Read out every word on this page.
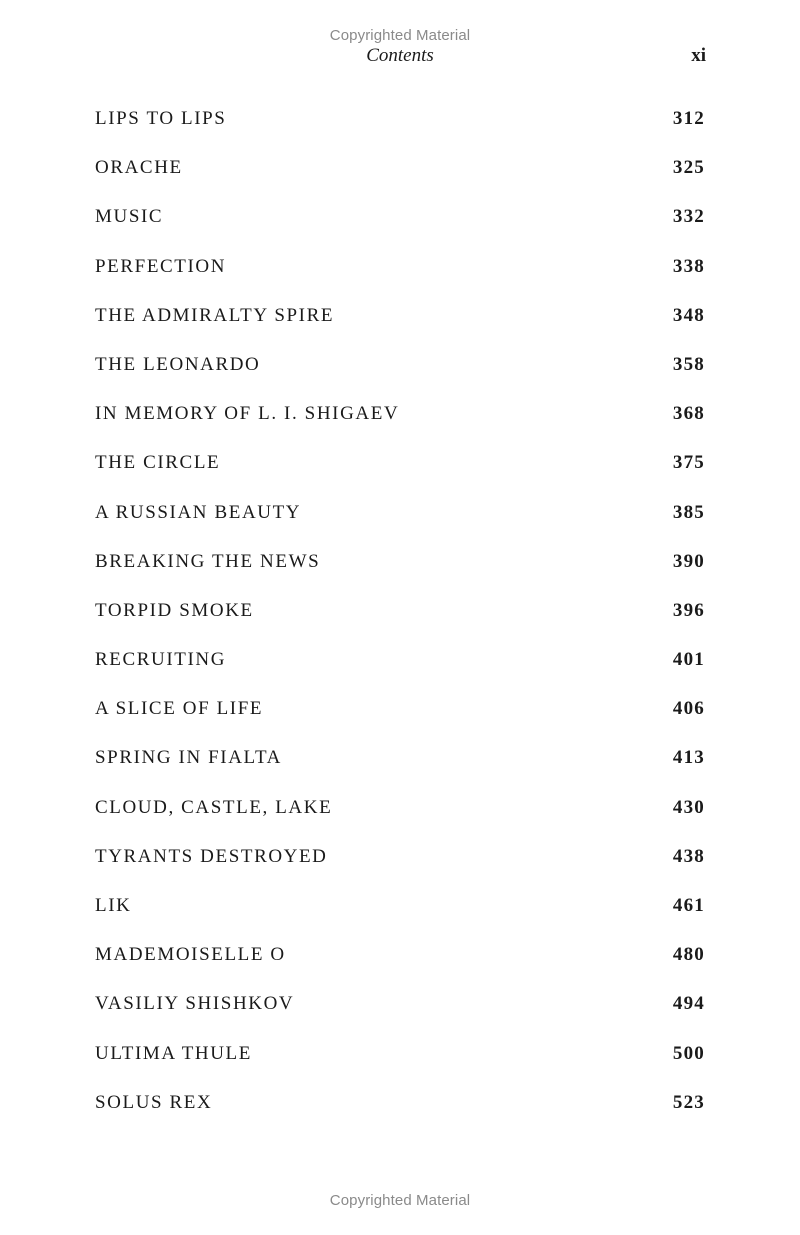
Copyrighted Material
Contents	xi
LIPS TO LIPS	312
ORACHE	325
MUSIC	332
PERFECTION	338
THE ADMIRALTY SPIRE	348
THE LEONARDO	358
IN MEMORY OF L. I. SHIGAEV	368
THE CIRCLE	375
A RUSSIAN BEAUTY	385
BREAKING THE NEWS	390
TORPID SMOKE	396
RECRUITING	401
A SLICE OF LIFE	406
SPRING IN FIALTA	413
CLOUD, CASTLE, LAKE	430
TYRANTS DESTROYED	438
LIK	461
MADEMOISELLE O	480
VASILIY SHISHKOV	494
ULTIMA THULE	500
SOLUS REX	523
Copyrighted Material
